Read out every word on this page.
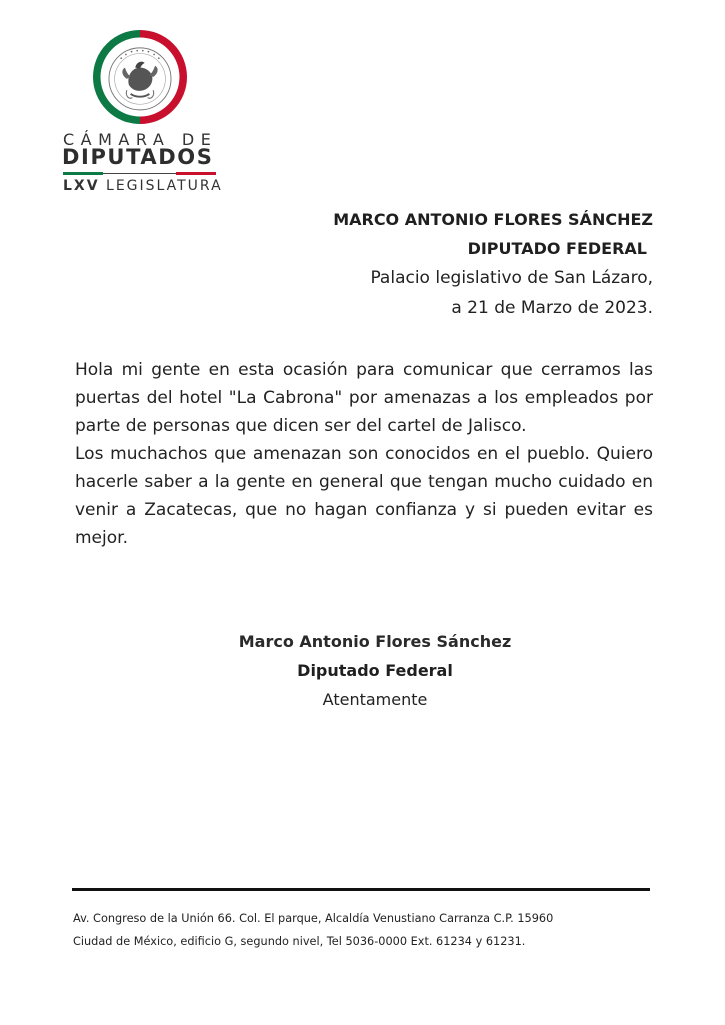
CÁMARA DE
DIPUTADOS
LXV LEGISLATURA
MARCO ANTONIO FLORES SÁNCHEZ
DIPUTADO FEDERAL
Palacio legislativo de San Lázaro,
a 21 de Marzo de 2023.

Hola mi gente en esta ocasión para comunicar que cerramos las puertas del hotel "La Cabrona" por amenazas a los empleados por parte de personas que dicen ser del cartel de Jalisco.

Los muchachos que amenazan son conocidos en el pueblo. Quiero hacerle saber a la gente en general que tengan mucho cuidado en venir a Zacatecas, que no hagan confianza y si pueden evitar es mejor.

Marco Antonio Flores Sánchez
Diputado Federal
Atentamente
Av. Congreso de la Unión 66. Col. El parque, Alcaldía Venustiano Carranza C.P. 15960
Ciudad de México, edificio G, segundo nivel, Tel 5036-0000 Ext. 61234 y 61231.
